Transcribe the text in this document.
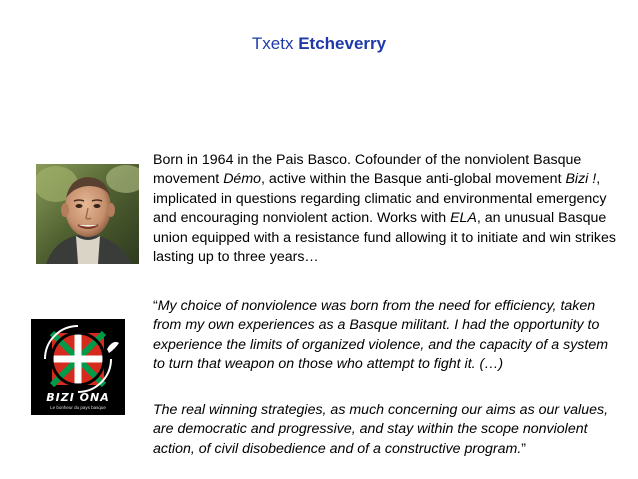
Txetx Etcheverry
BIZI ONA
Le bonheur du pays basque

Born in 1964 in the Pais Basco. Cofounder of the nonviolent Basque movement Démo, active within the Basque anti-global movement Bizi !, implicated in questions regarding climatic and environmental emergency and encouraging nonviolent action. Works with ELA, an unusual Basque union equipped with a resistance fund allowing it to initiate and win strikes lasting up to three years…

“My choice of nonviolence was born from the need for efficiency, taken from my own experiences as a Basque militant. I had the opportunity to experience the limits of organized violence, and the capacity of a system to turn that weapon on those who attempt to fight it. (…)

The real winning strategies, as much concerning our aims as our values, are democratic and progressive, and stay within the scope nonviolent action, of civil disobedience and of a constructive program.”
